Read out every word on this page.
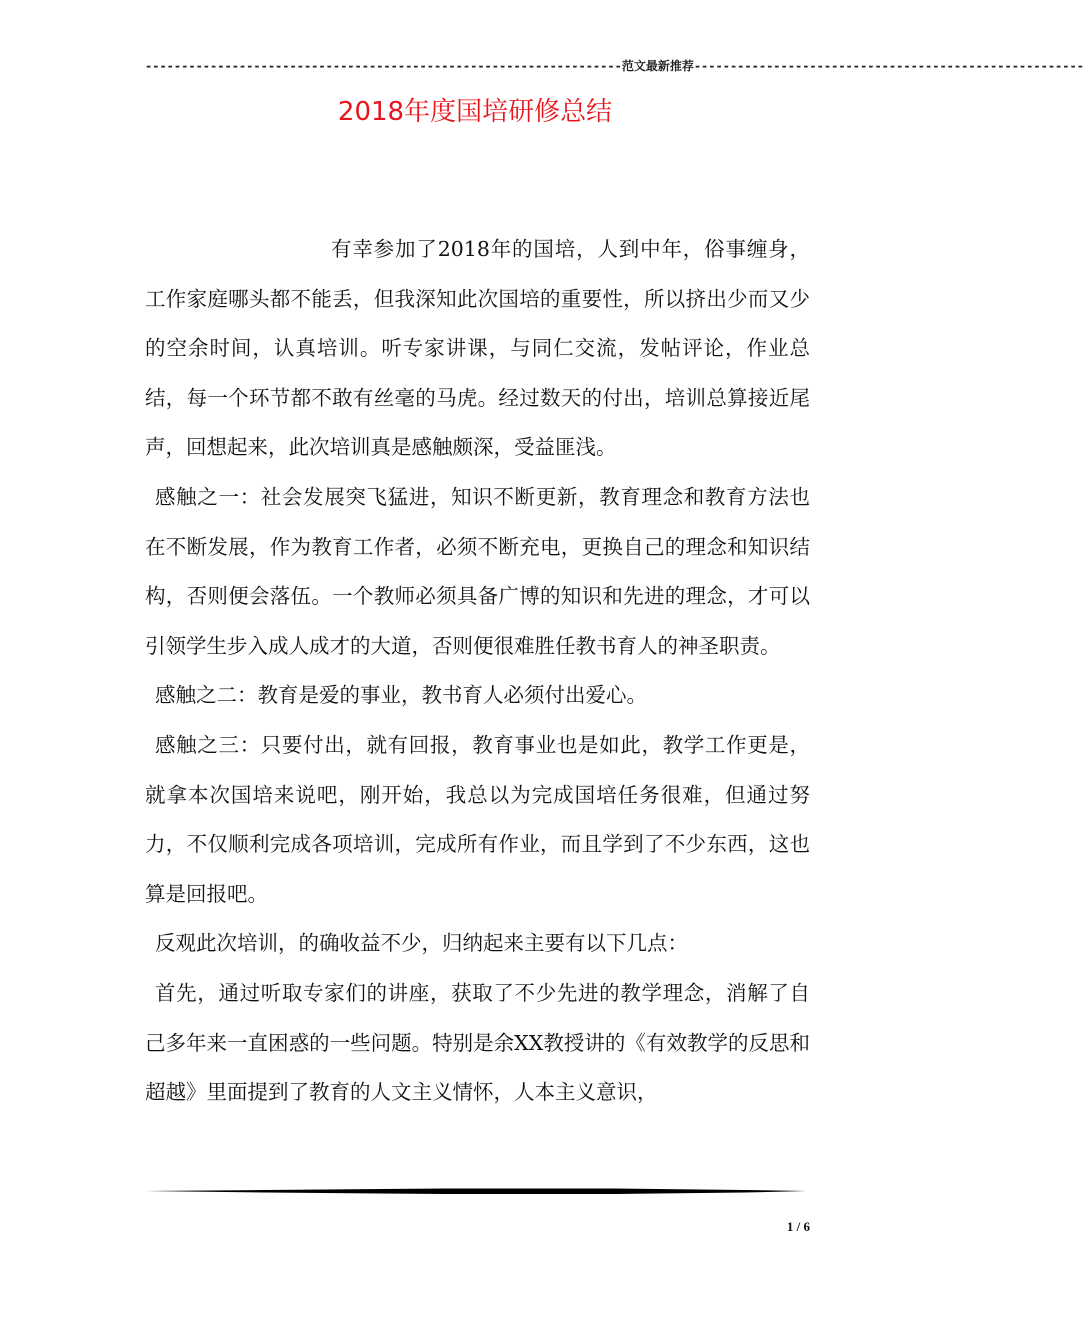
------------------------------------------------------------------范文最新推荐------------------------------------------------------
2018年度国培研修总结

有幸参加了2018年的国培，人到中年，俗事缠身，工作家庭哪头都不能丢，但我深知此次国培的重要性，所以挤出少而又少的空余时间，认真培训。听专家讲课，与同仁交流，发帖评论，作业总结，每一个环节都不敢有丝毫的马虎。经过数天的付出，培训总算接近尾声，回想起来，此次培训真是感触颇深，受益匪浅。

感触之一：社会发展突飞猛进，知识不断更新，教育理念和教育方法也在不断发展，作为教育工作者，必须不断充电，更换自己的理念和知识结构，否则便会落伍。一个教师必须具备广博的知识和先进的理念，才可以引领学生步入成人成才的大道，否则便很难胜任教书育人的神圣职责。

感触之二：教育是爱的事业，教书育人必须付出爱心。

感触之三：只要付出，就有回报，教育事业也是如此，教学工作更是，就拿本次国培来说吧，刚开始，我总以为完成国培任务很难，但通过努力，不仅顺利完成各项培训，完成所有作业，而且学到了不少东西，这也算是回报吧。

反观此次培训，的确收益不少，归纳起来主要有以下几点：

首先，通过听取专家们的讲座，获取了不少先进的教学理念，消解了自己多年来一直困惑的一些问题。特别是余XX教授讲的《有效教学的反思和超越》里面提到了教育的人文主义情怀，人本主义意识，

1 / 6
